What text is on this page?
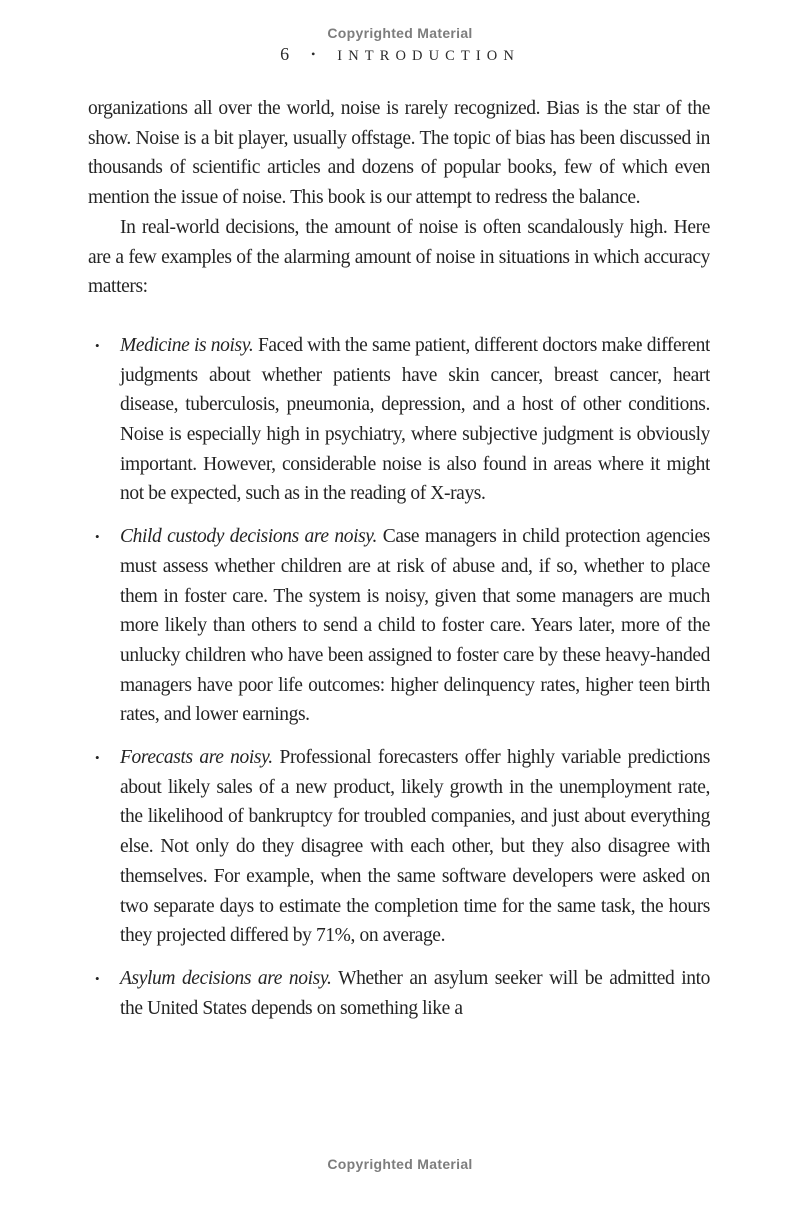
Copyrighted Material
6 • INTRODUCTION

organizations all over the world, noise is rarely recognized. Bias is the star of the show. Noise is a bit player, usually offstage. The topic of bias has been discussed in thousands of scientific articles and dozens of popular books, few of which even mention the issue of noise. This book is our attempt to redress the balance.

In real-world decisions, the amount of noise is often scandalously high. Here are a few examples of the alarming amount of noise in situations in which accuracy matters:

• Medicine is noisy. Faced with the same patient, different doctors make different judgments about whether patients have skin cancer, breast cancer, heart disease, tuberculosis, pneumonia, depression, and a host of other conditions. Noise is especially high in psychiatry, where subjective judgment is obviously important. However, considerable noise is also found in areas where it might not be expected, such as in the reading of X-rays.
• Child custody decisions are noisy. Case managers in child protection agencies must assess whether children are at risk of abuse and, if so, whether to place them in foster care. The system is noisy, given that some managers are much more likely than others to send a child to foster care. Years later, more of the unlucky children who have been assigned to foster care by these heavy-handed managers have poor life outcomes: higher delinquency rates, higher teen birth rates, and lower earnings.
• Forecasts are noisy. Professional forecasters offer highly variable predictions about likely sales of a new product, likely growth in the unemployment rate, the likelihood of bankruptcy for troubled companies, and just about everything else. Not only do they disagree with each other, but they also disagree with themselves. For example, when the same software developers were asked on two separate days to estimate the completion time for the same task, the hours they projected differed by 71%, on average.
• Asylum decisions are noisy. Whether an asylum seeker will be admitted into the United States depends on something like a
Copyrighted Material
